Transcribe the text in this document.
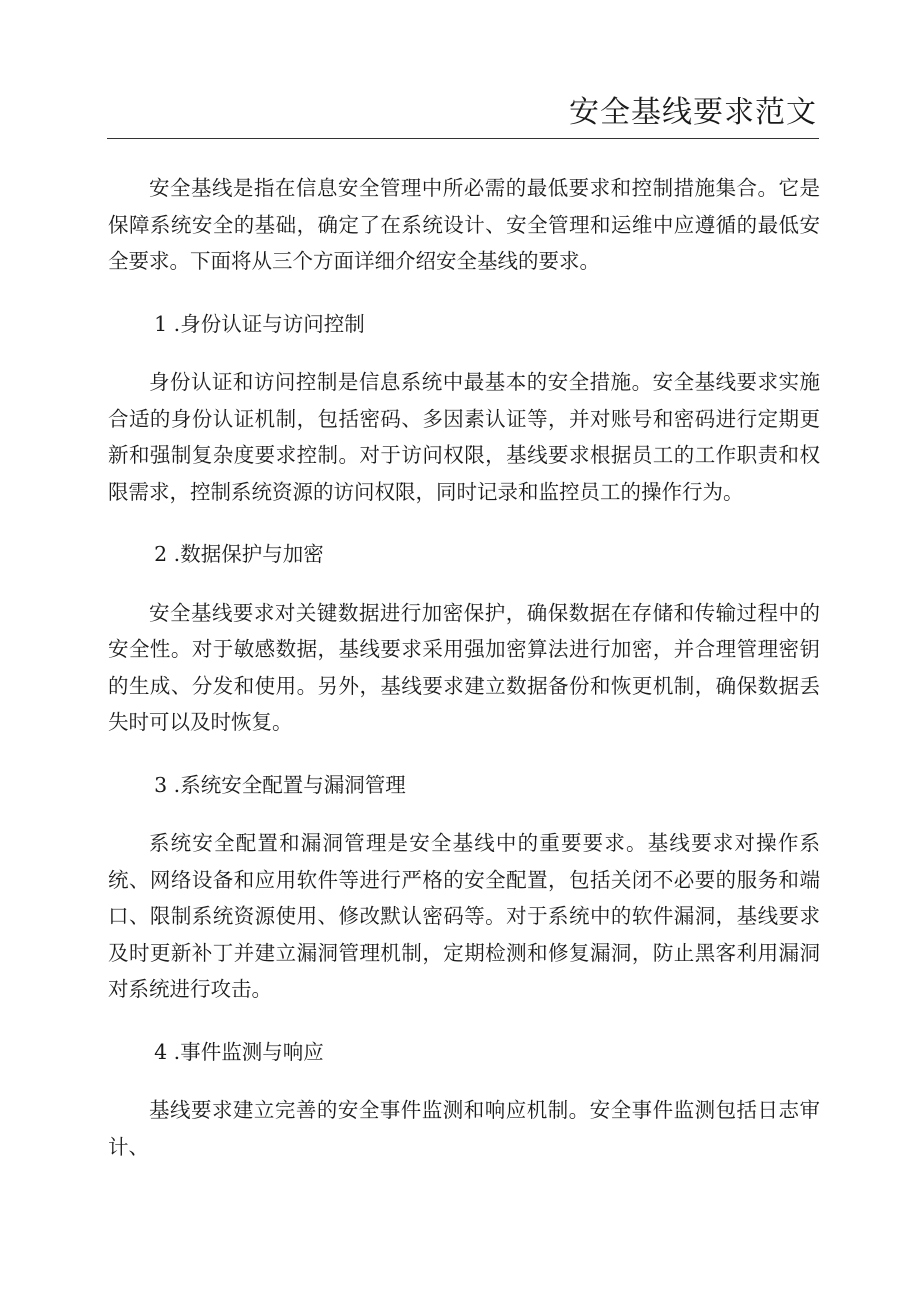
安全基线要求范文

安全基线是指在信息安全管理中所必需的最低要求和控制措施集合。它是保障系统安全的基础，确定了在系统设计、安全管理和运维中应遵循的最低安全要求。下面将从三个方面详细介绍安全基线的要求。

1 .身份认证与访问控制

身份认证和访问控制是信息系统中最基本的安全措施。安全基线要求实施合适的身份认证机制，包括密码、多因素认证等，并对账号和密码进行定期更新和强制复杂度要求控制。对于访问权限，基线要求根据员工的工作职责和权限需求，控制系统资源的访问权限，同时记录和监控员工的操作行为。

2 .数据保护与加密

安全基线要求对关键数据进行加密保护，确保数据在存储和传输过程中的安全性。对于敏感数据，基线要求采用强加密算法进行加密，并合理管理密钥的生成、分发和使用。另外，基线要求建立数据备份和恢更机制，确保数据丢失时可以及时恢复。

3 .系统安全配置与漏洞管理

系统安全配置和漏洞管理是安全基线中的重要要求。基线要求对操作系统、网络设备和应用软件等进行严格的安全配置，包括关闭不必要的服务和端口、限制系统资源使用、修改默认密码等。对于系统中的软件漏洞，基线要求及时更新补丁并建立漏洞管理机制，定期检测和修复漏洞，防止黑客利用漏洞对系统进行攻击。

4 .事件监测与响应

基线要求建立完善的安全事件监测和响应机制。安全事件监测包括日志审计、
